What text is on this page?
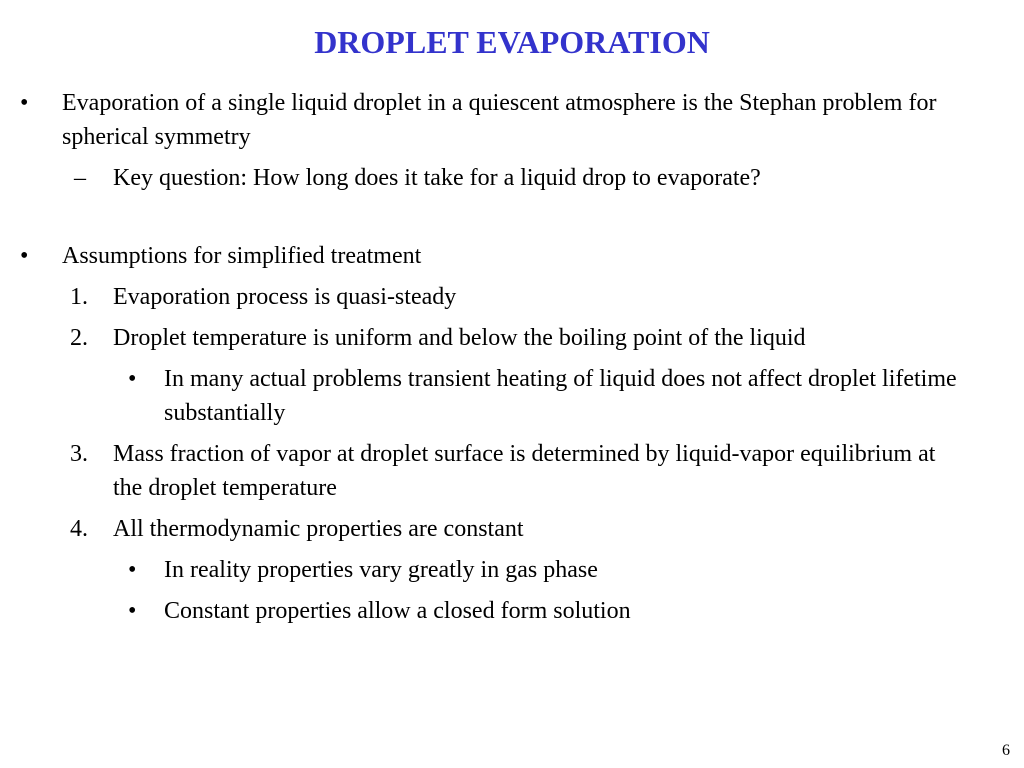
DROPLET EVAPORATION
• Evaporation of a single liquid droplet in a quiescent atmosphere is the Stephan problem for spherical symmetry
– Key question: How long does it take for a liquid drop to evaporate?
• Assumptions for simplified treatment
1. Evaporation process is quasi-steady
2. Droplet temperature is uniform and below the boiling point of the liquid
• In many actual problems transient heating of liquid does not affect droplet lifetime substantially
3. Mass fraction of vapor at droplet surface is determined by liquid-vapor equilibrium at the droplet temperature
4. All thermodynamic properties are constant
• In reality properties vary greatly in gas phase
• Constant properties allow a closed form solution
6
